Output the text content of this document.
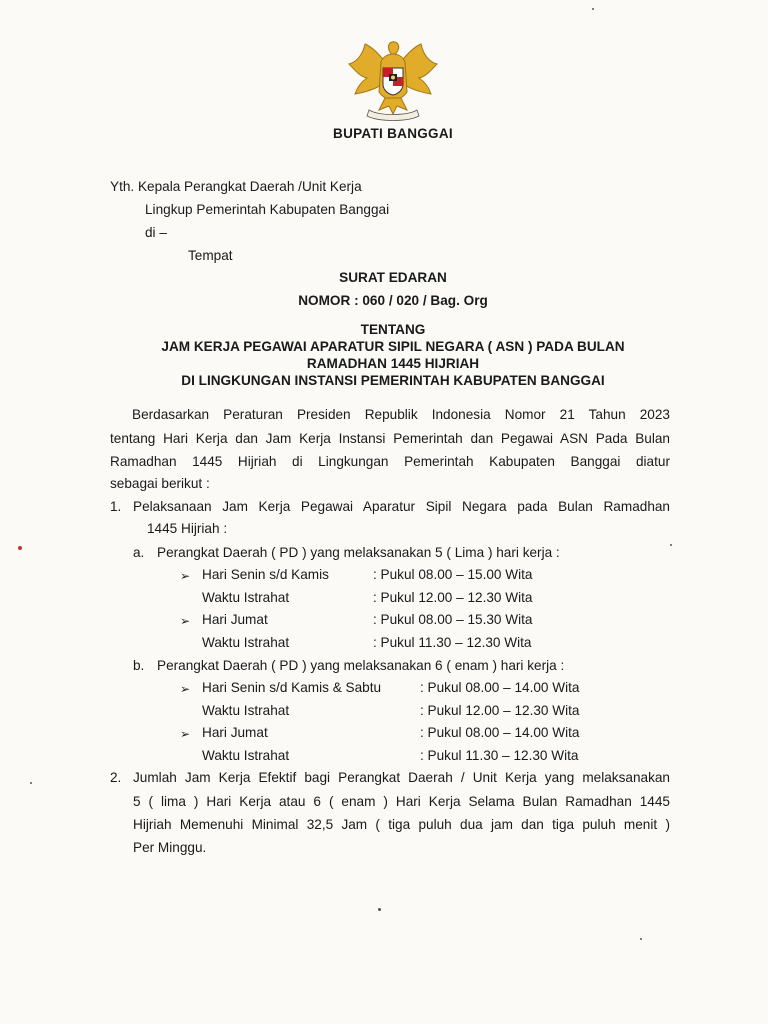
BUPATI BANGGAI
Yth. Kepala Perangkat Daerah /Unit Kerja
Lingkup Pemerintah Kabupaten Banggai
di –
Tempat
SURAT EDARAN
NOMOR : 060 / 020 / Bag. Org
TENTANG
JAM KERJA PEGAWAI APARATUR SIPIL NEGARA ( ASN ) PADA BULAN
RAMADHAN 1445 HIJRIAH
DI LINGKUNGAN INSTANSI PEMERINTAH KABUPATEN BANGGAI
Berdasarkan Peraturan Presiden Republik Indonesia Nomor 21 Tahun 2023
tentang Hari Kerja dan Jam Kerja Instansi Pemerintah dan Pegawai ASN Pada Bulan
Ramadhan 1445 Hijriah di Lingkungan Pemerintah Kabupaten Banggai diatur
sebagai berikut :
1. Pelaksanaan Jam Kerja Pegawai Aparatur Sipil Negara pada Bulan Ramadhan
1445 Hijriah :
a. Perangkat Daerah ( PD ) yang melaksanakan 5 ( Lima ) hari kerja :
➢ Hari Senin s/d Kamis	: Pukul 08.00 – 15.00 Wita
Waktu Istrahat	: Pukul 12.00 – 12.30 Wita
➢ Hari Jumat	: Pukul 08.00 – 15.30 Wita
Waktu Istrahat	: Pukul 11.30 – 12.30 Wita
b. Perangkat Daerah ( PD ) yang melaksanakan 6 ( enam ) hari kerja :
➢ Hari Senin s/d Kamis & Sabtu	: Pukul 08.00 – 14.00 Wita
Waktu Istrahat	: Pukul 12.00 – 12.30 Wita
➢ Hari Jumat	: Pukul 08.00 – 14.00 Wita
Waktu Istrahat	: Pukul 11.30 – 12.30 Wita
2. Jumlah Jam Kerja Efektif bagi Perangkat Daerah / Unit Kerja yang melaksanakan
5 ( lima ) Hari Kerja atau 6 ( enam ) Hari Kerja Selama Bulan Ramadhan 1445
Hijriah Memenuhi Minimal 32,5 Jam ( tiga puluh dua jam dan tiga puluh menit )
Per Minggu.
